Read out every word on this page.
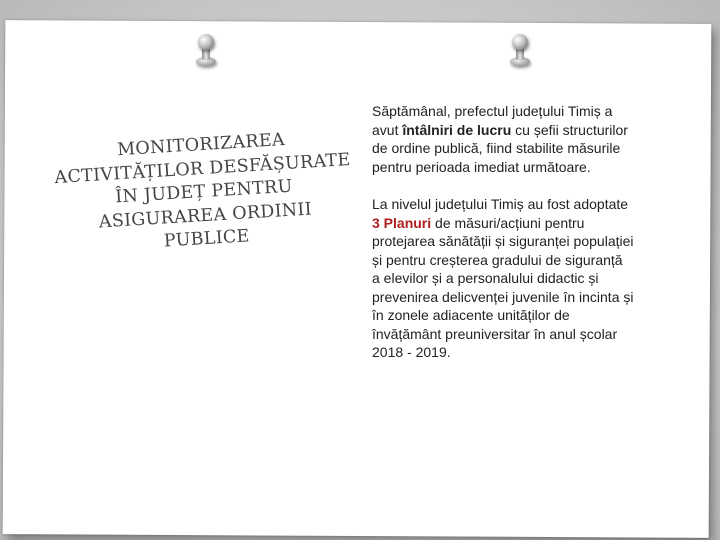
MONITORIZAREA ACTIVITĂȚILOR DESFĂȘURATE ÎN JUDEȚ PENTRU ASIGURAREA ORDINII PUBLICE

Săptămânal, prefectul județului Timiș a avut întâlniri de lucru cu șefii structurilor de ordine publică, fiind stabilite măsurile pentru perioada imediat următoare.

La nivelul județului Timiș au fost adoptate 3 Planuri de măsuri/acțiuni pentru protejarea sănătății și siguranței populației și pentru creșterea gradului de siguranță a elevilor și a personalului didactic și prevenirea delicvenței juvenile în incinta și în zonele adiacente unităților de învățământ preuniversitar în anul școlar 2018 - 2019.
